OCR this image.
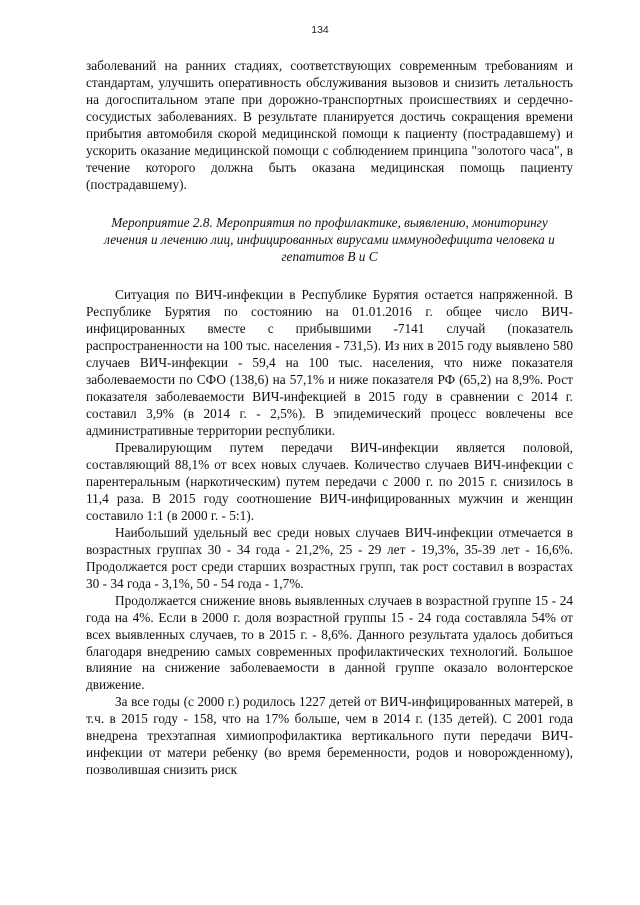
134

заболеваний на ранних стадиях, соответствующих современным требованиям и стандартам, улучшить оперативность обслуживания вызовов и снизить летальность на догоспитальном этапе при дорожно-транспортных происшествиях и сердечно-сосудистых заболеваниях. В результате планируется достичь сокращения времени прибытия автомобиля скорой медицинской помощи к пациенту (пострадавшему) и ускорить оказание медицинской помощи с соблюдением принципа "золотого часа", в течение которого должна быть оказана медицинская помощь пациенту (пострадавшему).

Мероприятие 2.8. Мероприятия по профилактике, выявлению, мониторингу лечения и лечению лиц, инфицированных вирусами иммунодефицита человека и гепатитов В и С

Ситуация по ВИЧ-инфекции в Республике Бурятия остается напряженной. В Республике Бурятия по состоянию на 01.01.2016 г. общее число ВИЧ-инфицированных вместе с прибывшими -7141 случай (показатель распространенности на 100 тыс. населения - 731,5). Из них в 2015 году выявлено 580 случаев ВИЧ-инфекции - 59,4 на 100 тыс. населения, что ниже показателя заболеваемости по СФО (138,6) на 57,1% и ниже показателя РФ (65,2) на 8,9%. Рост показателя заболеваемости ВИЧ-инфекцией в 2015 году в сравнении с 2014 г. составил 3,9% (в 2014 г. - 2,5%). В эпидемический процесс вовлечены все административные территории республики.

Превалирующим путем передачи ВИЧ-инфекции является половой, составляющий 88,1% от всех новых случаев. Количество случаев ВИЧ-инфекции с парентеральным (наркотическим) путем передачи с 2000 г. по 2015 г. снизилось в 11,4 раза. В 2015 году соотношение ВИЧ-инфицированных мужчин и женщин составило 1:1 (в 2000 г. - 5:1).

Наибольший удельный вес среди новых случаев ВИЧ-инфекции отмечается в возрастных группах 30 - 34 года - 21,2%, 25 - 29 лет - 19,3%, 35-39 лет - 16,6%. Продолжается рост среди старших возрастных групп, так рост составил в возрастах 30 - 34 года - 3,1%, 50 - 54 года - 1,7%.

Продолжается снижение вновь выявленных случаев в возрастной группе 15 - 24 года на 4%. Если в 2000 г. доля возрастной группы 15 - 24 года составляла 54% от всех выявленных случаев, то в 2015 г. - 8,6%. Данного результата удалось добиться благодаря внедрению самых современных профилактических технологий. Большое влияние на снижение заболеваемости в данной группе оказало волонтерское движение.

За все годы (с 2000 г.) родилось 1227 детей от ВИЧ-инфицированных матерей, в т.ч. в 2015 году - 158, что на 17% больше, чем в 2014 г. (135 детей). С 2001 года внедрена трехэтапная химиопрофилактика вертикального пути передачи ВИЧ-инфекции от матери ребенку (во время беременности, родов и новорожденному), позволившая снизить риск
